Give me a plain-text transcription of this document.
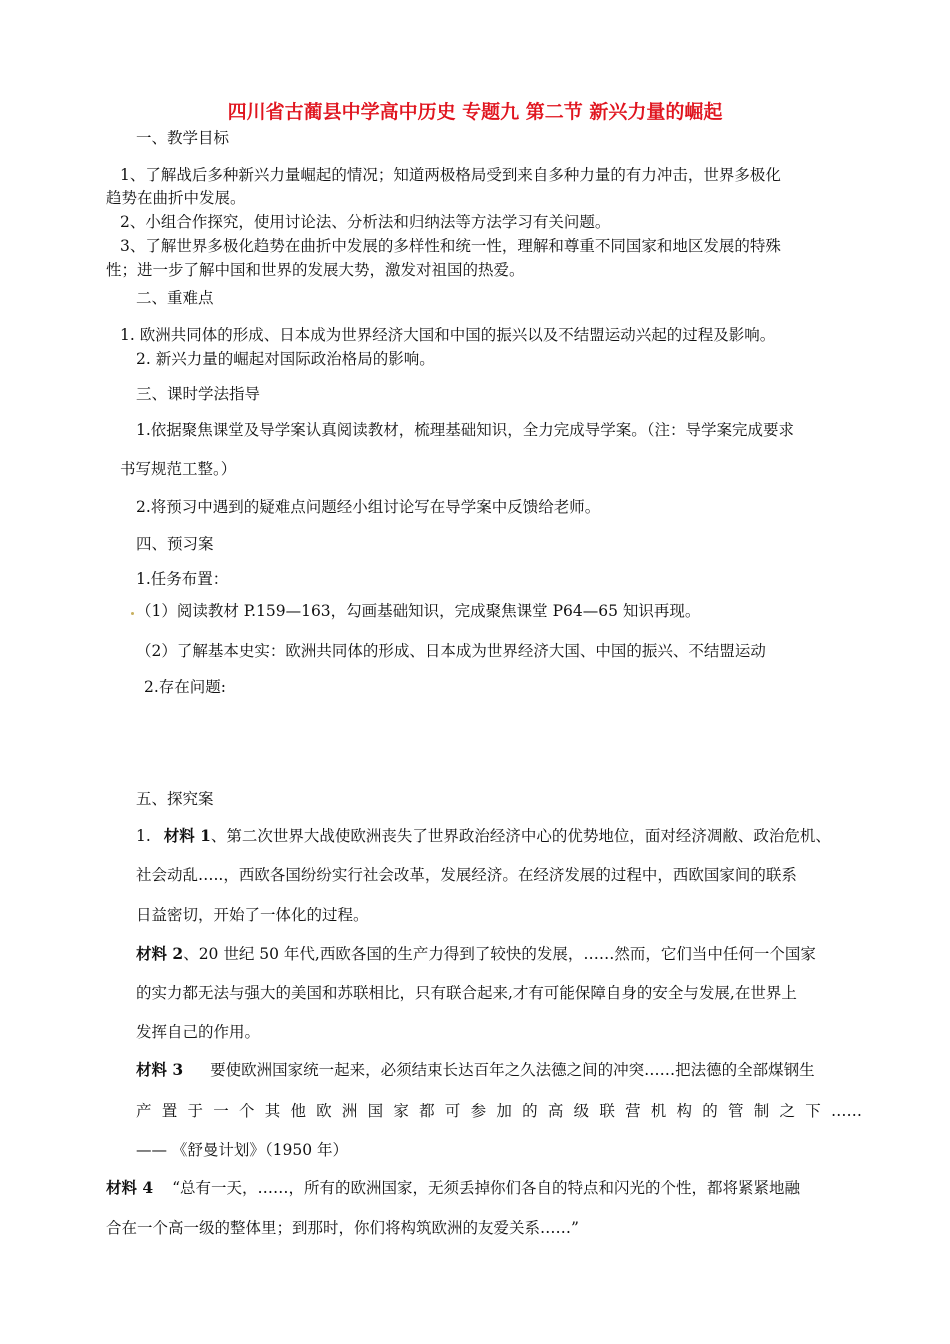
四川省古蔺县中学高中历史 专题九 第二节 新兴力量的崛起
一、教学目标
1、了解战后多种新兴力量崛起的情况；知道两极格局受到来自多种力量的有力冲击，世界多极化
趋势在曲折中发展。
2、小组合作探究，使用讨论法、分析法和归纳法等方法学习有关问题。
3、了解世界多极化趋势在曲折中发展的多样性和统一性，理解和尊重不同国家和地区发展的特殊
性；进一步了解中国和世界的发展大势，激发对祖国的热爱。
二、重难点
1. 欧洲共同体的形成、日本成为世界经济大国和中国的振兴以及不结盟运动兴起的过程及影响。
2. 新兴力量的崛起对国际政治格局的影响。
三、课时学法指导
1.依据聚焦课堂及导学案认真阅读教材，梳理基础知识，全力完成导学案。（注：导学案完成要求
书写规范工整。）
2.将预习中遇到的疑难点问题经小组讨论写在导学案中反馈给老师。
四、预习案
1.任务布置：
（1）阅读教材 P.159—163，勾画基础知识，完成聚焦课堂 P64—65 知识再现。
（2）了解基本史实：欧洲共同体的形成、日本成为世界经济大国、中国的振兴、不结盟运动
2.存在问题:
五、探究案
1. 材料 1、第二次世界大战使欧洲丧失了世界政治经济中心的优势地位，面对经济凋敝、政治危机、
社会动乱…..，西欧各国纷纷实行社会改革，发展经济。在经济发展的过程中，西欧国家间的联系
日益密切，开始了一体化的过程。
材料 2、20 世纪 50 年代,西欧各国的生产力得到了较快的发展，……然而，它们当中任何一个国家
的实力都无法与强大的美国和苏联相比，只有联合起来,才有可能保障自身的安全与发展,在世界上
发挥自己的作用。
材料 3 要使欧洲国家统一起来，必须结束长达百年之久法德之间的冲突……把法德的全部煤钢生
产置于一个其他欧洲国家都可参加的高级联营机构的管制之下……
—— 《舒曼计划》（1950 年）
材料 4 “总有一天，……，所有的欧洲国家，无须丢掉你们各自的特点和闪光的个性，都将紧紧地融
合在一个高一级的整体里；到那时，你们将构筑欧洲的友爱关系……”
